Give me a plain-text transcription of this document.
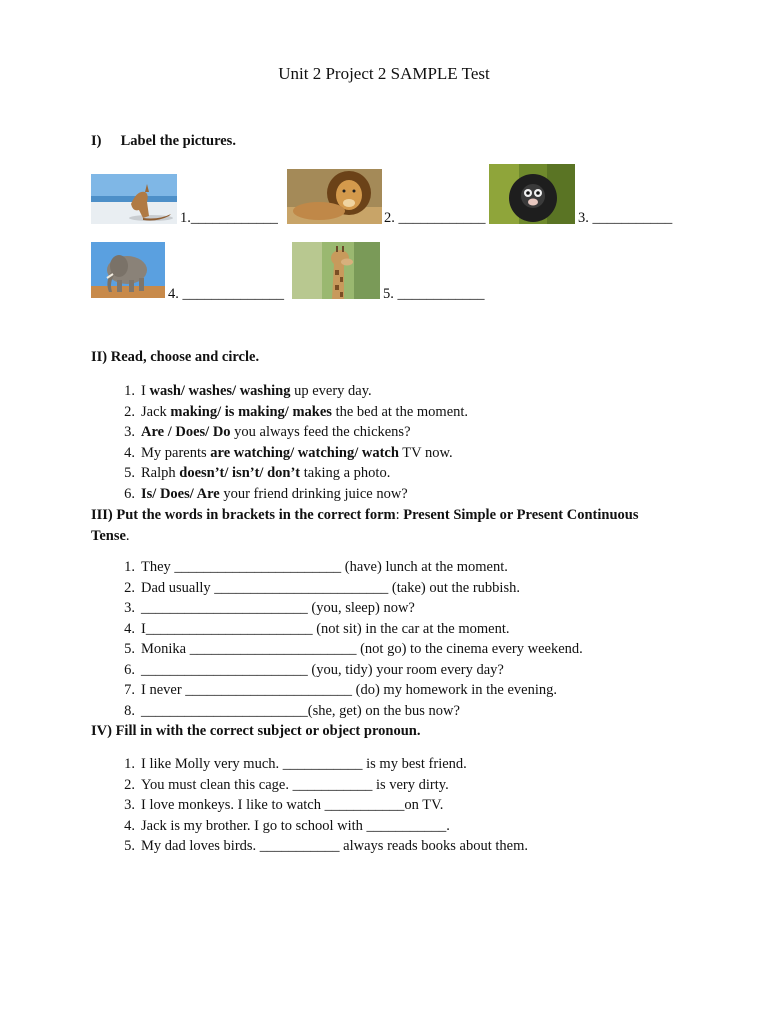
Unit 2 Project 2 SAMPLE Test
I) Label the pictures.
1.____________	2. ____________	3. ___________
4. ______________	5. ____________
II) Read, choose and circle.
1. I wash/ washes/ washing up every day.
2. Jack making/ is making/ makes the bed at the moment.
3. Are / Does/ Do you always feed the chickens?
4. My parents are watching/ watching/ watch TV now.
5. Ralph doesn’t/ isn’t/ don’t taking a photo.
6. Is/ Does/ Are your friend drinking juice now?
III) Put the words in brackets in the correct form: Present Simple or Present Continuous
Tense.
1. They _______________________ (have) lunch at the moment.
2. Dad usually ________________________ (take) out the rubbish.
3. _______________________ (you, sleep) now?
4. I_______________________ (not sit) in the car at the moment.
5. Monika _______________________ (not go) to the cinema every weekend.
6. _______________________ (you, tidy) your room every day?
7. I never _______________________ (do) my homework in the evening.
8. _______________________(she, get) on the bus now?
IV) Fill in with the correct subject or object pronoun.
1. I like Molly very much. ___________ is my best friend.
2. You must clean this cage. ___________ is very dirty.
3. I love monkeys. I like to watch ___________on TV.
4. Jack is my brother. I go to school with ___________.
5. My dad loves birds. ___________ always reads books about them.
